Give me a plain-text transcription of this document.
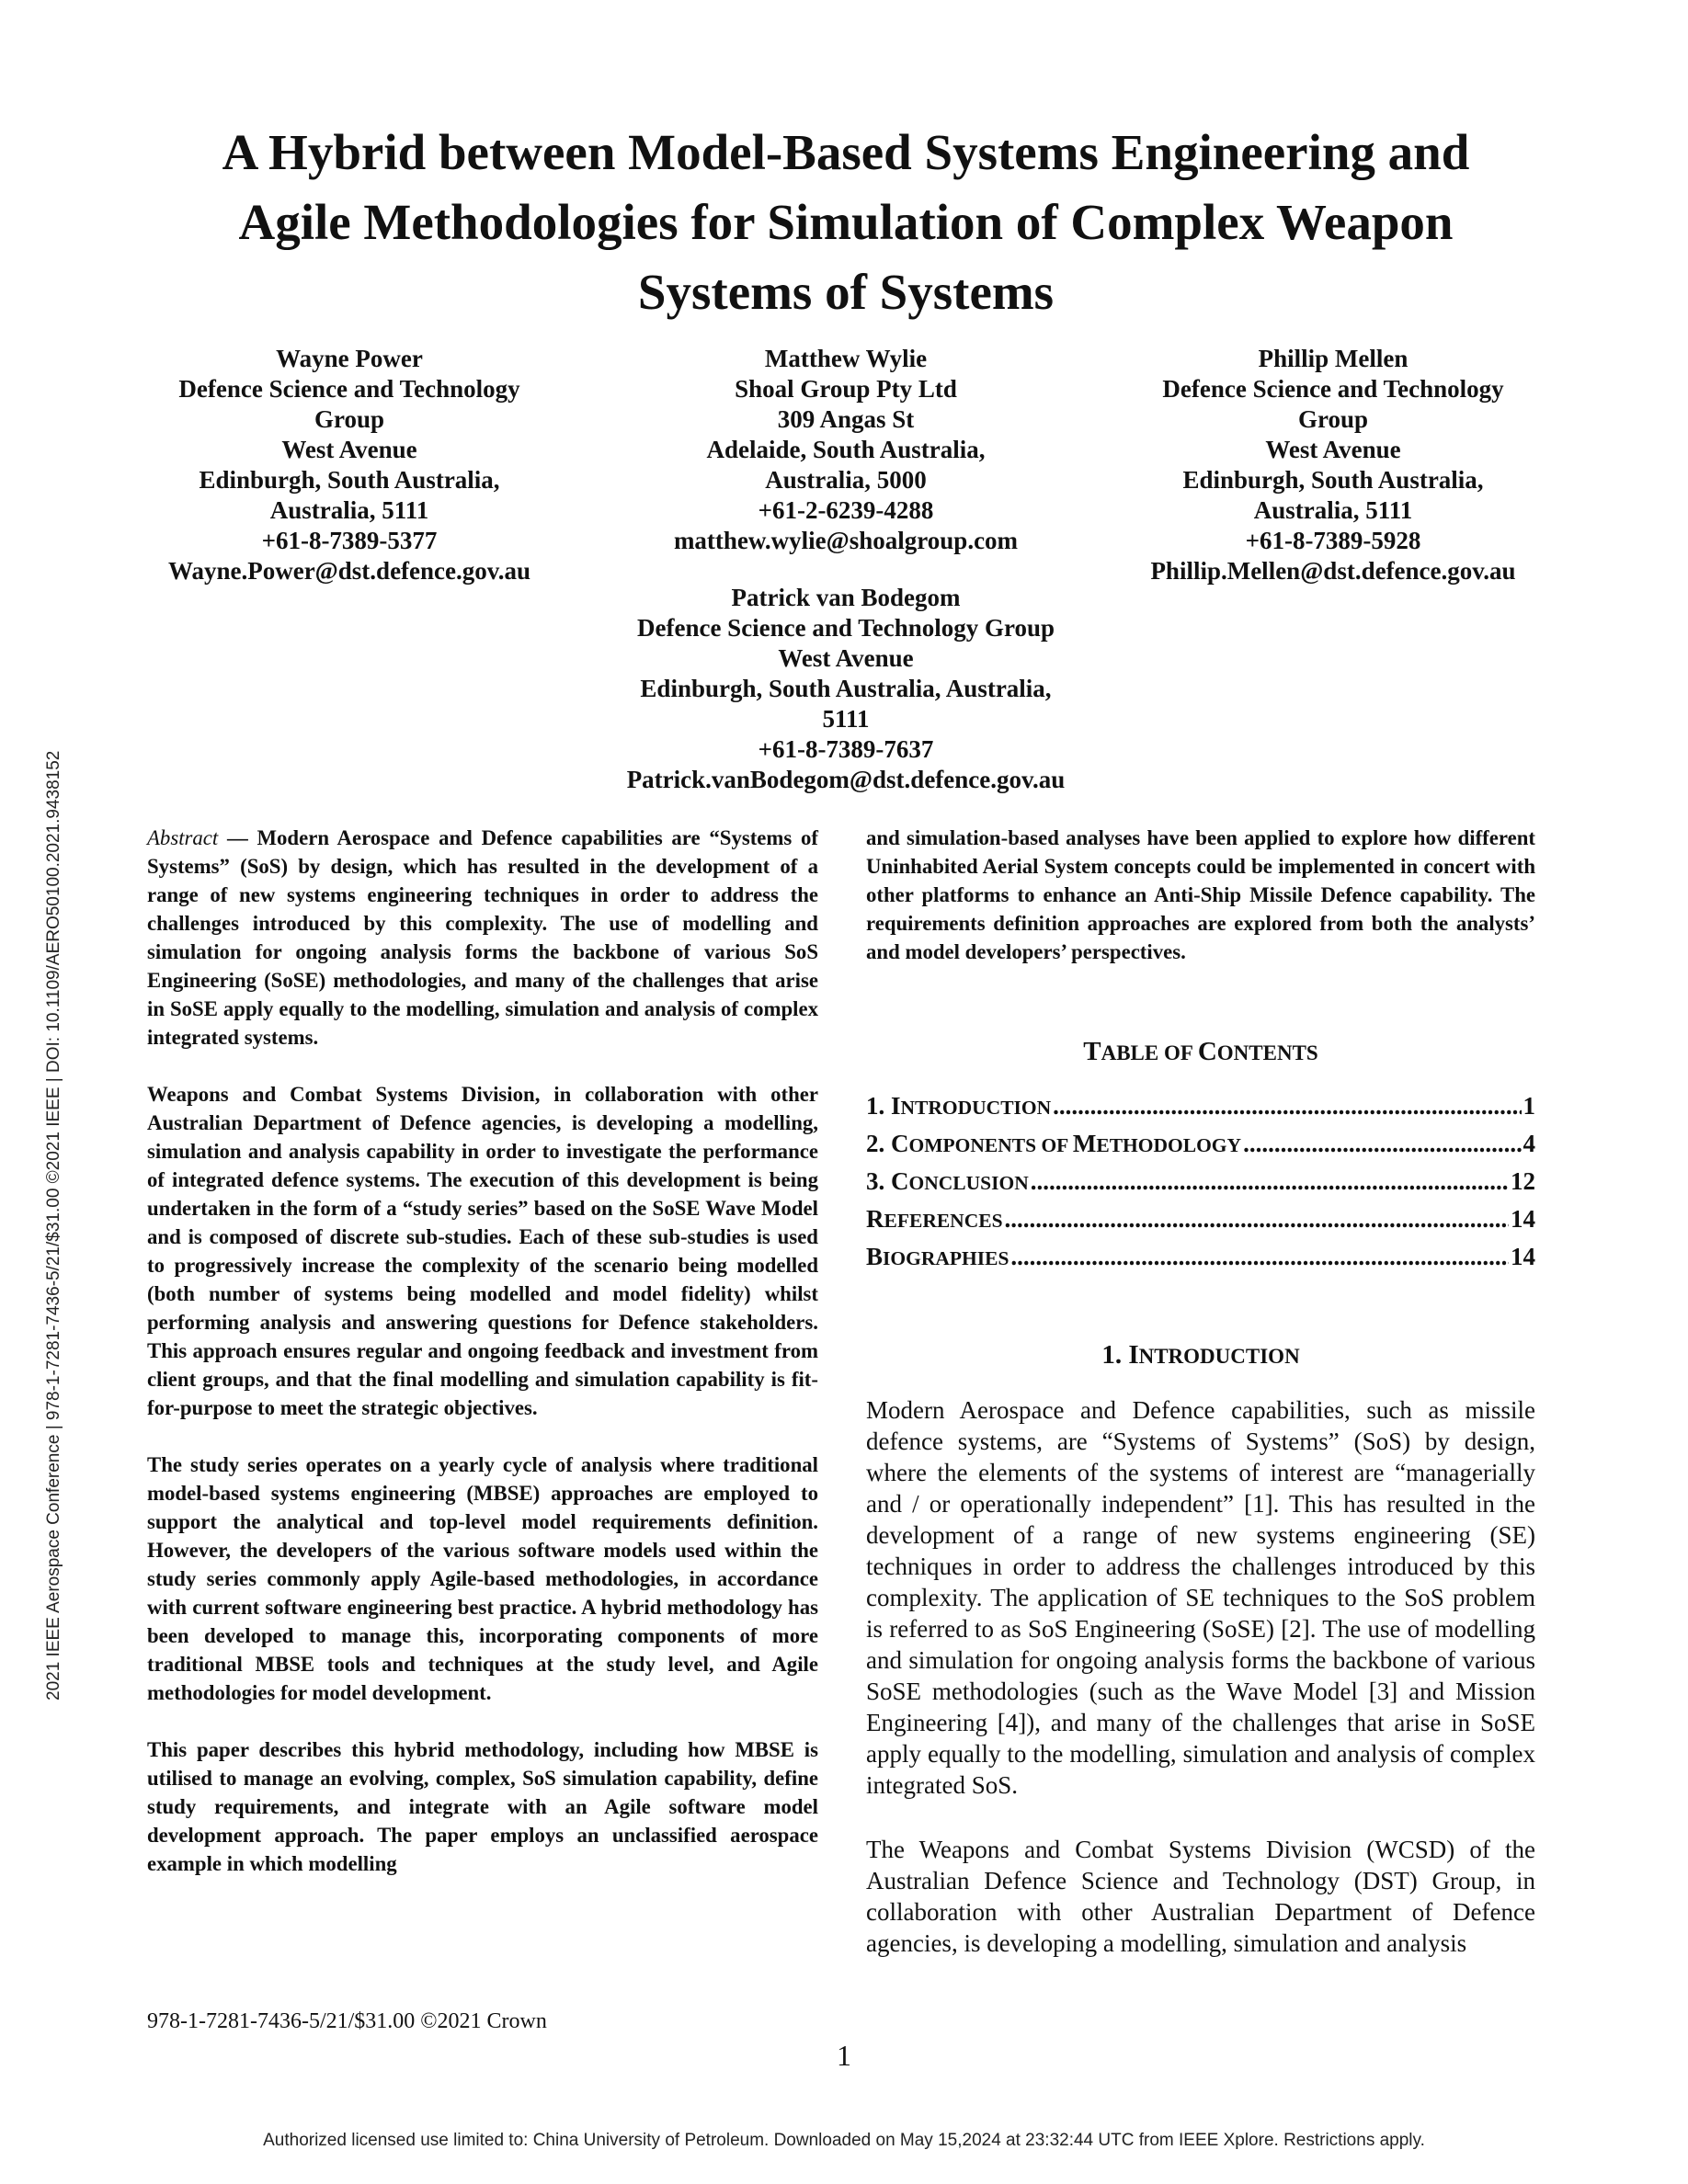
2021 IEEE Aerospace Conference | 978-1-7281-7436-5/21/$31.00 ©2021 IEEE | DOI: 10.1109/AERO50100.2021.9438152
A Hybrid between Model-Based Systems Engineering and
Agile Methodologies for Simulation of Complex Weapon
Systems of Systems
Wayne Power
Defence Science and Technology
Group
West Avenue
Edinburgh, South Australia,
Australia, 5111
+61-8-7389-5377
Wayne.Power@dst.defence.gov.au
Matthew Wylie
Shoal Group Pty Ltd
309 Angas St
Adelaide, South Australia,
Australia, 5000
+61-2-6239-4288
matthew.wylie@shoalgroup.com
Phillip Mellen
Defence Science and Technology
Group
West Avenue
Edinburgh, South Australia,
Australia, 5111
+61-8-7389-5928
Phillip.Mellen@dst.defence.gov.au
Patrick van Bodegom
Defence Science and Technology Group
West Avenue
Edinburgh, South Australia, Australia,
5111
+61-8-7389-7637
Patrick.vanBodegom@dst.defence.gov.au

Abstract — Modern Aerospace and Defence capabilities are “Systems of Systems” (SoS) by design, which has resulted in the development of a range of new systems engineering techniques in order to address the challenges introduced by this complexity. The use of modelling and simulation for ongoing analysis forms the backbone of various SoS Engineering (SoSE) methodologies, and many of the challenges that arise in SoSE apply equally to the modelling, simulation and analysis of complex integrated systems.

Weapons and Combat Systems Division, in collaboration with other Australian Department of Defence agencies, is developing a modelling, simulation and analysis capability in order to investigate the performance of integrated defence systems. The execution of this development is being undertaken in the form of a “study series” based on the SoSE Wave Model and is composed of discrete sub-studies. Each of these sub-studies is used to progressively increase the complexity of the scenario being modelled (both number of systems being modelled and model fidelity) whilst performing analysis and answering questions for Defence stakeholders. This approach ensures regular and ongoing feedback and investment from client groups, and that the final modelling and simulation capability is fit-for-purpose to meet the strategic objectives.

The study series operates on a yearly cycle of analysis where traditional model-based systems engineering (MBSE) approaches are employed to support the analytical and top-level model requirements definition. However, the developers of the various software models used within the study series commonly apply Agile-based methodologies, in accordance with current software engineering best practice. A hybrid methodology has been developed to manage this, incorporating components of more traditional MBSE tools and techniques at the study level, and Agile methodologies for model development.

This paper describes this hybrid methodology, including how MBSE is utilised to manage an evolving, complex, SoS simulation capability, define study requirements, and integrate with an Agile software model development approach. The paper employs an unclassified aerospace example in which modelling

and simulation-based analyses have been applied to explore how different Uninhabited Aerial System concepts could be implemented in concert with other platforms to enhance an Anti-Ship Missile Defence capability. The requirements definition approaches are explored from both the analysts’ and model developers’ perspectives.

TABLE OF CONTENTS
1. INTRODUCTION .....	1
2. COMPONENTS OF METHODOLOGY .....	4
3. CONCLUSION .....	12
REFERENCES .....	14
BIOGRAPHIES .....	14
1. INTRODUCTION

Modern Aerospace and Defence capabilities, such as missile defence systems, are “Systems of Systems” (SoS) by design, where the elements of the systems of interest are “managerially and / or operationally independent” [1]. This has resulted in the development of a range of new systems engineering (SE) techniques in order to address the challenges introduced by this complexity. The application of SE techniques to the SoS problem is referred to as SoS Engineering (SoSE) [2]. The use of modelling and simulation for ongoing analysis forms the backbone of various SoSE methodologies (such as the Wave Model [3] and Mission Engineering [4]), and many of the challenges that arise in SoSE apply equally to the modelling, simulation and analysis of complex integrated SoS.

The Weapons and Combat Systems Division (WCSD) of the Australian Defence Science and Technology (DST) Group, in collaboration with other Australian Department of Defence agencies, is developing a modelling, simulation and analysis

978-1-7281-7436-5/21/$31.00 ©2021 Crown
1
Authorized licensed use limited to: China University of Petroleum. Downloaded on May 15,2024 at 23:32:44 UTC from IEEE Xplore. Restrictions apply.
